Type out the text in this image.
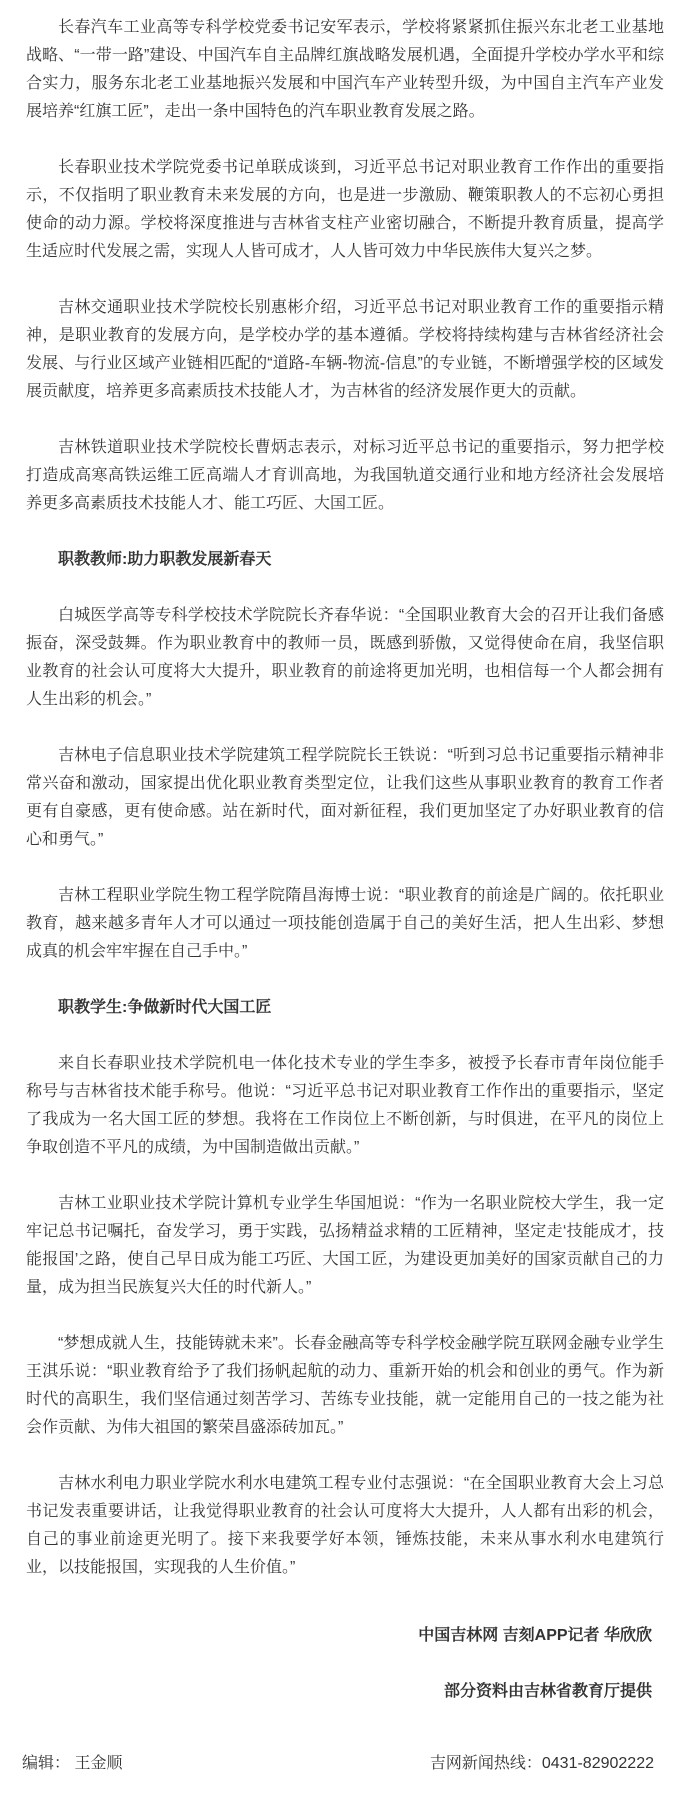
长春汽车工业高等专科学校党委书记安军表示，学校将紧紧抓住振兴东北老工业基地战略、“一带一路”建设、中国汽车自主品牌红旗战略发展机遇，全面提升学校办学水平和综合实力，服务东北老工业基地振兴发展和中国汽车产业转型升级，为中国自主汽车产业发展培养“红旗工匠”，走出一条中国特色的汽车职业教育发展之路。

长春职业技术学院党委书记单联成谈到，习近平总书记对职业教育工作作出的重要指示，不仅指明了职业教育未来发展的方向，也是进一步激励、鞭策职教人的不忘初心勇担使命的动力源。学校将深度推进与吉林省支柱产业密切融合，不断提升教育质量，提高学生适应时代发展之需，实现人人皆可成才，人人皆可效力中华民族伟大复兴之梦。

吉林交通职业技术学院校长别惠彬介绍，习近平总书记对职业教育工作的重要指示精神，是职业教育的发展方向，是学校办学的基本遵循。学校将持续构建与吉林省经济社会发展、与行业区域产业链相匹配的“道路-车辆-物流-信息”的专业链，不断增强学校的区域发展贡献度，培养更多高素质技术技能人才，为吉林省的经济发展作更大的贡献。

吉林铁道职业技术学院校长曹炳志表示，对标习近平总书记的重要指示，努力把学校打造成高寒高铁运维工匠高端人才育训高地，为我国轨道交通行业和地方经济社会发展培养更多高素质技术技能人才、能工巧匠、大国工匠。

职教教师:助力职教发展新春天

白城医学高等专科学校技术学院院长齐春华说：“全国职业教育大会的召开让我们备感振奋，深受鼓舞。作为职业教育中的教师一员，既感到骄傲，又觉得使命在肩，我坚信职业教育的社会认可度将大大提升，职业教育的前途将更加光明，也相信每一个人都会拥有人生出彩的机会。”

吉林电子信息职业技术学院建筑工程学院院长王铁说：“听到习总书记重要指示精神非常兴奋和激动，国家提出优化职业教育类型定位，让我们这些从事职业教育的教育工作者更有自豪感，更有使命感。站在新时代，面对新征程，我们更加坚定了办好职业教育的信心和勇气。”

吉林工程职业学院生物工程学院隋昌海博士说：“职业教育的前途是广阔的。依托职业教育，越来越多青年人才可以通过一项技能创造属于自己的美好生活，把人生出彩、梦想成真的机会牢牢握在自己手中。”

职教学生:争做新时代大国工匠

来自长春职业技术学院机电一体化技术专业的学生李多，被授予长春市青年岗位能手称号与吉林省技术能手称号。他说：“习近平总书记对职业教育工作作出的重要指示，坚定了我成为一名大国工匠的梦想。我将在工作岗位上不断创新，与时俱进，在平凡的岗位上争取创造不平凡的成绩，为中国制造做出贡献。”

吉林工业职业技术学院计算机专业学生华国旭说：“作为一名职业院校大学生，我一定牢记总书记嘱托，奋发学习，勇于实践，弘扬精益求精的工匠精神，坚定走‘技能成才，技能报国’之路，使自己早日成为能工巧匠、大国工匠，为建设更加美好的国家贡献自己的力量，成为担当民族复兴大任的时代新人。”

“梦想成就人生，技能铸就未来”。长春金融高等专科学校金融学院互联网金融专业学生王淇乐说：“职业教育给予了我们扬帆起航的动力、重新开始的机会和创业的勇气。作为新时代的高职生，我们坚信通过刻苦学习、苦练专业技能，就一定能用自己的一技之能为社会作贡献、为伟大祖国的繁荣昌盛添砖加瓦。”

吉林水利电力职业学院水利水电建筑工程专业付志强说：“在全国职业教育大会上习总书记发表重要讲话，让我觉得职业教育的社会认可度将大大提升，人人都有出彩的机会，自己的事业前途更光明了。接下来我要学好本领，锤炼技能，未来从事水利水电建筑行业，以技能报国，实现我的人生价值。”

中国吉林网 吉刻APP记者 华欣欣

部分资料由吉林省教育厅提供

编辑： 王金顺	吉网新闻热线：0431-82902222
